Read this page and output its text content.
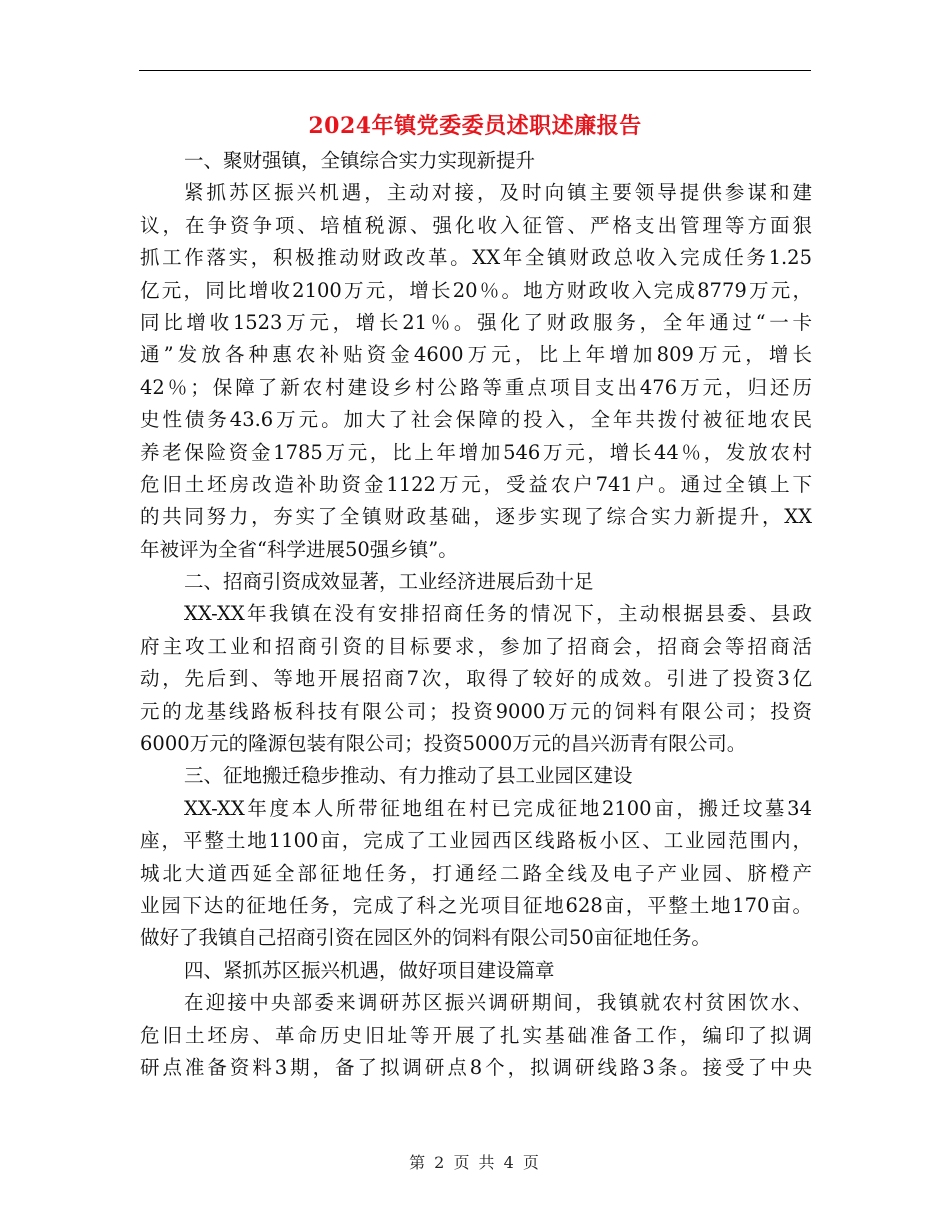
2024年镇党委委员述职述廉报告
一、聚财强镇，全镇综合实力实现新提升
紧抓苏区振兴机遇，主动对接，及时向镇主要领导提供参谋和建
议，在争资争项、培植税源、强化收入征管、严格支出管理等方面狠
抓工作落实，积极推动财政改革。XX年全镇财政总收入完成任务1.25
亿元，同比增收2100万元，增长20％。地方财政收入完成8779万元，
同比增收1523万元，增长21％。强化了财政服务，全年通过“一卡
通”发放各种惠农补贴资金4600万元，比上年增加809万元，增长
42％；保障了新农村建设乡村公路等重点项目支出476万元，归还历
史性债务43.6万元。加大了社会保障的投入，全年共拨付被征地农民
养老保险资金1785万元，比上年增加546万元，增长44％，发放农村
危旧土坯房改造补助资金1122万元，受益农户741户。通过全镇上下
的共同努力，夯实了全镇财政基础，逐步实现了综合实力新提升，XX
年被评为全省“科学进展50强乡镇”。
二、招商引资成效显著，工业经济进展后劲十足
XX-XX年我镇在没有安排招商任务的情况下，主动根据县委、县政
府主攻工业和招商引资的目标要求，参加了招商会，招商会等招商活
动，先后到、等地开展招商7次，取得了较好的成效。引进了投资3亿
元的龙基线路板科技有限公司；投资9000万元的饲料有限公司；投资
6000万元的隆源包装有限公司；投资5000万元的昌兴沥青有限公司。
三、征地搬迁稳步推动、有力推动了县工业园区建设
XX-XX年度本人所带征地组在村已完成征地2100亩，搬迁坟墓34
座，平整土地1100亩，完成了工业园西区线路板小区、工业园范围内，
城北大道西延全部征地任务，打通经二路全线及电子产业园、脐橙产
业园下达的征地任务，完成了科之光项目征地628亩，平整土地170亩。
做好了我镇自己招商引资在园区外的饲料有限公司50亩征地任务。
四、紧抓苏区振兴机遇，做好项目建设篇章
在迎接中央部委来调研苏区振兴调研期间，我镇就农村贫困饮水、
危旧土坯房、革命历史旧址等开展了扎实基础准备工作，编印了拟调
研点准备资料3期，备了拟调研点8个，拟调研线路3条。接受了中央
第 2 页 共 4 页
